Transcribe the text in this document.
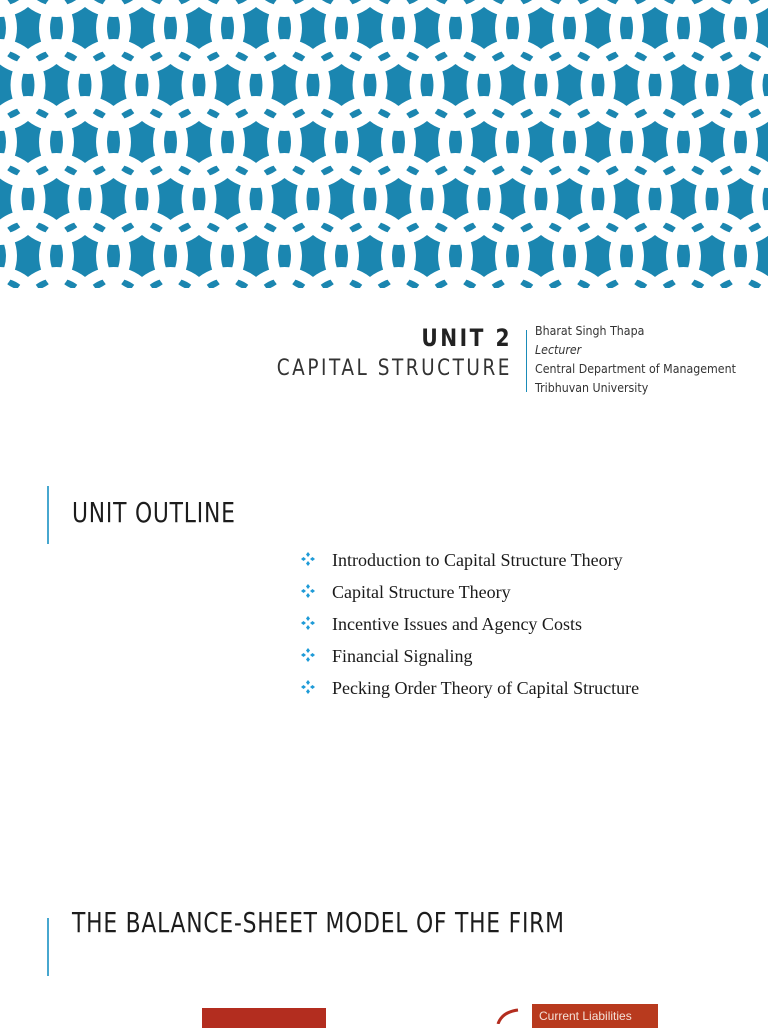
UNIT 2
CAPITAL STRUCTURE
Bharat Singh Thapa
Lecturer
Central Department of Management
Tribhuvan University
UNIT OUTLINE
Introduction to Capital Structure Theory
Capital Structure Theory
Incentive Issues and Agency Costs
Financial Signaling
Pecking Order Theory of Capital Structure
THE BALANCE-SHEET MODEL OF THE FIRM
Current Liabilities
